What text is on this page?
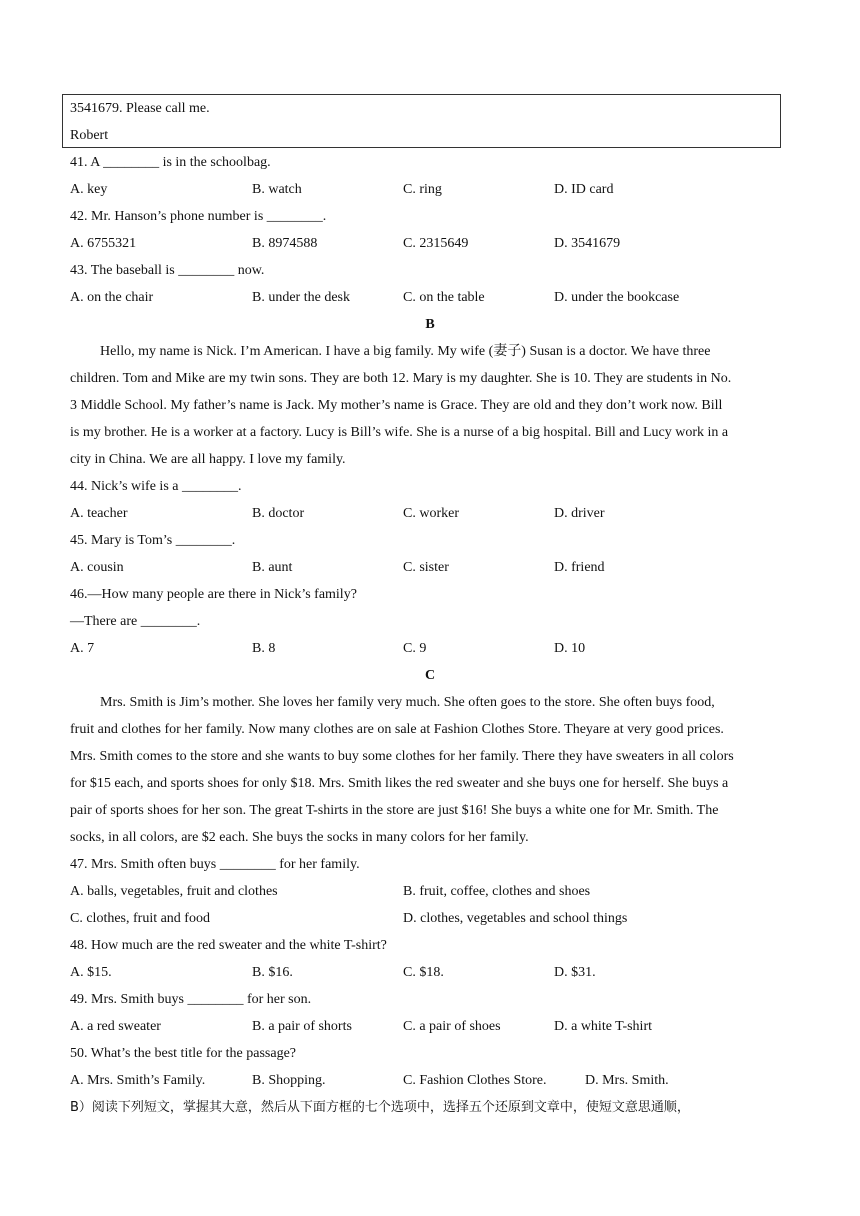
3541679. Please call me.
Robert
41. A ________ is in the schoolbag.
A. key	B. watch	C. ring	D. ID card
42. Mr. Hanson’s phone number is ________.
A. 6755321	B. 8974588	C. 2315649	D. 3541679
43. The baseball is ________ now.
A. on the chair	B. under the desk	C. on the table	D. under the bookcase
B
Hello, my name is Nick. I’m American. I have a big family. My wife (妻子) Susan is a doctor. We have three
children. Tom and Mike are my twin sons. They are both 12. Mary is my daughter. She is 10. They are students in No.
3 Middle School. My father’s name is Jack. My mother’s name is Grace. They are old and they don’t work now. Bill
is my brother. He is a worker at a factory. Lucy is Bill’s wife. She is a nurse of a big hospital. Bill and Lucy work in a
city in China. We are all happy. I love my family.
44. Nick’s wife is a ________.
A. teacher	B. doctor	C. worker	D. driver
45. Mary is Tom’s ________.
A. cousin	B. aunt	C. sister	D. friend
46.—How many people are there in Nick’s family?
—There are ________.
A. 7	B. 8	C. 9	D. 10
C
Mrs. Smith is Jim’s mother. She loves her family very much. She often goes to the store. She often buys food,
fruit and clothes for her family. Now many clothes are on sale at Fashion Clothes Store. Theyare at very good prices.
Mrs. Smith comes to the store and she wants to buy some clothes for her family. There they have sweaters in all colors
for $15 each, and sports shoes for only $18. Mrs. Smith likes the red sweater and she buys one for herself. She buys a
pair of sports shoes for her son. The great T-shirts in the store are just $16! She buys a white one for Mr. Smith. The
socks, in all colors, are $2 each. She buys the socks in many colors for her family.
47. Mrs. Smith often buys ________ for her family.
A. balls, vegetables, fruit and clothes	B. fruit, coffee, clothes and shoes
C. clothes, fruit and food	D. clothes, vegetables and school things
48. How much are the red sweater and the white T-shirt?
A. $15.	B. $16.	C. $18.	D. $31.
49. Mrs. Smith buys ________ for her son.
A. a red sweater	B. a pair of shorts	C. a pair of shoes	D. a white T-shirt
50. What’s the best title for the passage?
A. Mrs. Smith’s Family.	B. Shopping.	C. Fashion Clothes Store.	D. Mrs. Smith.
B）阅读下列短文，掌握其大意，然后从下面方框的七个选项中，选择五个还原到文章中，使短文意思通顺，
